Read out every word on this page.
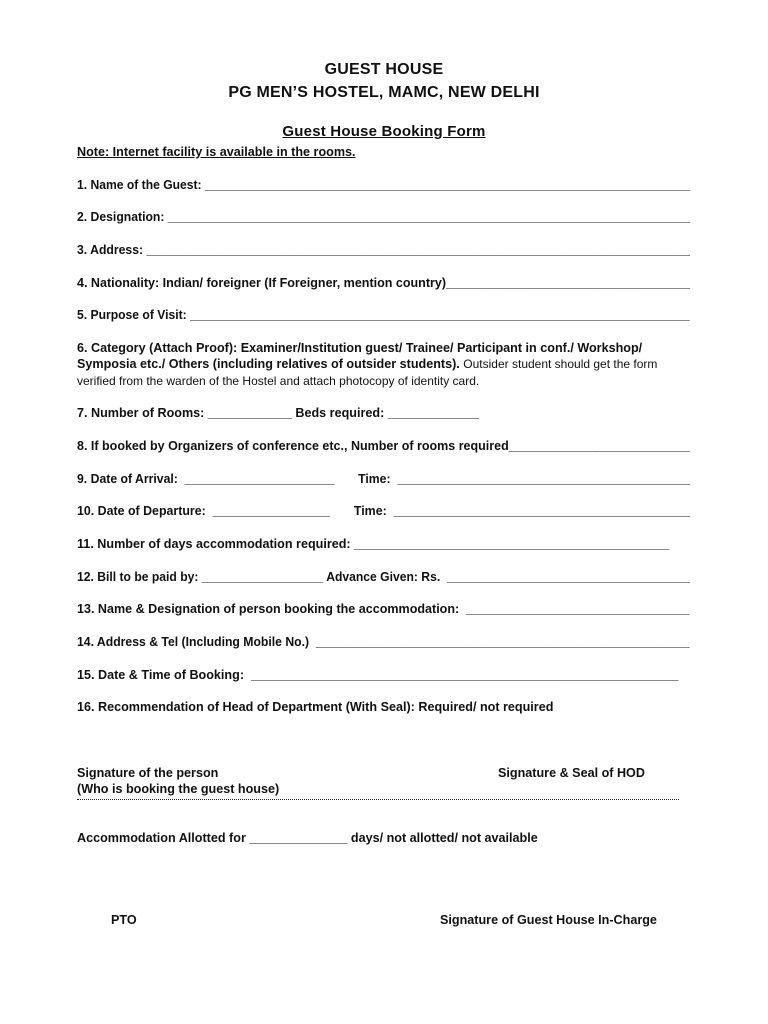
GUEST HOUSE
PG MEN’S HOSTEL, MAMC, NEW DELHI
Guest House Booking Form
Note: Internet facility is available in the rooms.
1. Name of the Guest: ________________________________________________________________________
2. Designation: _____________________________________________________________________________
3. Address: ________________________________________________________________________________
4. Nationality: Indian/ foreigner (If Foreigner, mention country)___________________________________
5. Purpose of Visit: __________________________________________________________________________
6. Category (Attach Proof): Examiner/Institution guest/ Trainee/ Participant in conf./ Workshop/
Symposia etc./ Others (including relatives of outsider students). Outsider student should get the form
verified from the warden of the Hostel and attach photocopy of identity card.
7. Number of Rooms: ____________ Beds required: _____________
8. If booked by Organizers of conference etc., Number of rooms required__________________________
9. Date of Arrival:  ______________________       Time:  ___________________________________________
10. Date of Departure:  _________________       Time:  ___________________________________________
11. Number of days accommodation required: _____________________________________________
12. Bill to be paid by: __________________ Advance Given: Rs.  ____________________________________
13. Name & Designation of person booking the accommodation:  ________________________________
14. Address & Tel (Including Mobile No.)  _______________________________________________________
15. Date & Time of Booking:  _____________________________________________________________
16. Recommendation of Head of Department (With Seal): Required/ not required
Signature of the person
(Who is booking the guest house)
Signature & Seal of HOD
Accommodation Allotted for ______________ days/ not allotted/ not available
PTO	Signature of Guest House In-Charge
